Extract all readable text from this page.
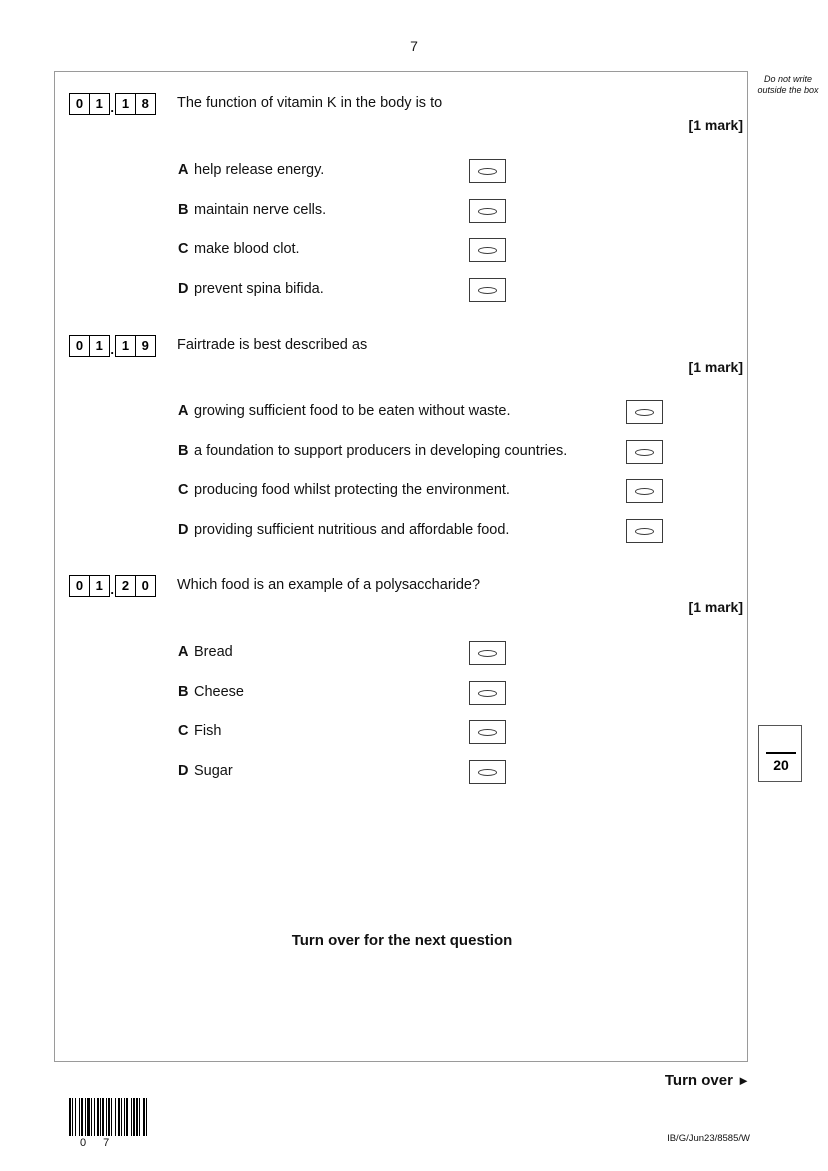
7
Do not write outside the box
0 1 . 1 8	The function of vitamin K in the body is to
[1 mark]
A help release energy.
B maintain nerve cells.
C make blood clot.
D prevent spina bifida.
0 1 . 1 9	Fairtrade is best described as
[1 mark]
A growing sufficient food to be eaten without waste.
B a foundation to support producers in developing countries.
C producing food whilst protecting the environment.
D providing sufficient nutritious and affordable food.
0 1 . 2 0	Which food is an example of a polysaccharide?
[1 mark]
A Bread
B Cheese
C Fish
D Sugar
Turn over for the next question
20
Turn over ►
IB/G/Jun23/8585/W
0 7
